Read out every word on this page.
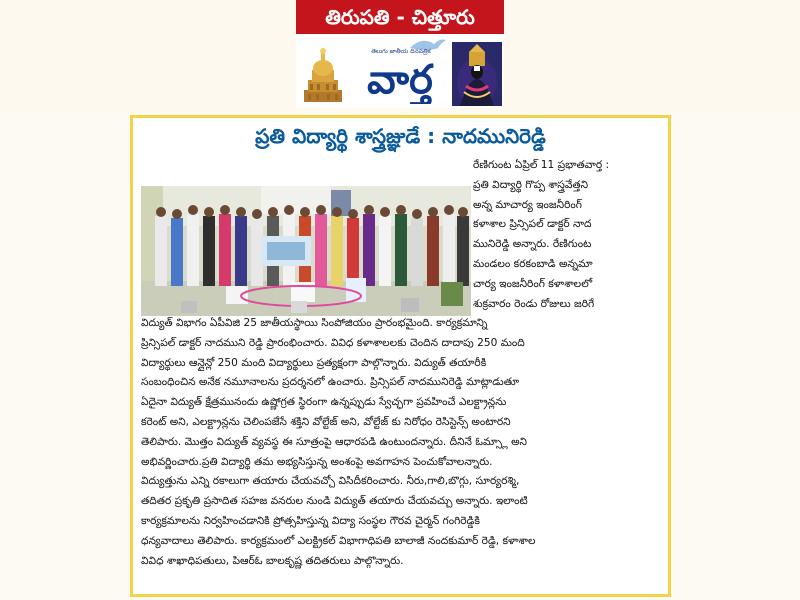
తిరుపతి - చిత్తూరు
తెలుగు జాతీయ దినపత్రిక
వార్త
ప్రతి విద్యార్థి శాస్త్రజ్ఞుడే : నాదమునిరెడ్డి
రేణిగుంట ఏప్రిల్ 11 ప్రభాతవార్త :
ప్రతి విద్యార్థి గొప్ప శాస్త్రవేత్తని
అన్న మాచార్య ఇంజనీరింగ్
కళాశాల ప్రిన్సిపల్ డాక్టర్ నాద
మునిరెడ్డి అన్నారు. రేణిగుంట
మండలం కరకంబాడి అన్నమా
చార్య ఇంజనీరింగ్ కళాశాలలో
శుక్రవారం రెండు రోజులు జరిగే
విద్యుత్ విభాగం ఏపీవిజి 25 జాతీయస్థాయి సింపోజియం ప్రారంభమైంది. కార్యక్రమాన్ని
ప్రిన్సిపల్ డాక్టర్ నాదముని రెడ్డి ప్రారంభించారు. వివిధ కళాశాలలకు చెందిన దాదాపు 250 మంది
విద్యార్థులు ఆన్లైన్లో 250 మంది విద్యార్థులు ప్రత్యక్షంగా పాల్గొన్నారు. విద్యుత్ తయారీకి
సంబంధించిన అనేక నమూనాలను ప్రదర్శనలో ఉంచారు. ప్రిన్సిపల్ నాదమునిరెడ్డి మాట్లాడుతూ
ఏదైనా విద్యుత్ క్షేత్రమునందు ఉష్ణోగ్రత స్థిరంగా ఉన్నప్పుడు స్వేచ్ఛగా ప్రవహించే ఎలక్ట్రాన్లను
కరెంట్ అని, ఎలక్ట్రాన్లను చెలింపజేసే శక్తిని వోల్టేజ్ అని, వోల్టేజ్ కు నిరోధం రెసిస్టెన్స్ అంటారని
తెలిపారు. మొత్తం విద్యుత్ వ్యవస్థ ఈ సూత్రంపై ఆధారపడి ఉంటుందన్నారు. దీనినే ఓమ్స్లా అని
అభివర్ణించారు.ప్రతి విద్యార్థి తమ అభ్యసిస్తున్న అంశంపై అవగాహన పెంచుకోవాలన్నారు.
విద్యుత్తును ఎన్ని రకాలుగా తయారు చేయవచ్చో విసిదీకరించారు. నీరు,గాలి,బొగ్గు, సూర్యరశ్మి,
తదితర ప్రకృతి ప్రసాదిత సహజ వనరుల నుండి విద్యుత్ తయారు చేయవచ్చు అన్నారు. ఇలాంటి
కార్యక్రమాలను నిర్వహించడానికి ప్రోత్సహిస్తున్న విద్యా సంస్థల గౌరవ చైర్మన్ గంగిరెడ్డికి
ధన్యవాదాలు తెలిపారు. కార్యక్రమంలో ఎలక్ట్రికల్ విభాగాధిపతి బాలాజీ నందకుమార్ రెడ్డి, కళాశాల
వివిధ శాఖాధిపతులు, పిఆర్ఓ బాలకృష్ణ తదితరులు పాల్గొన్నారు.
